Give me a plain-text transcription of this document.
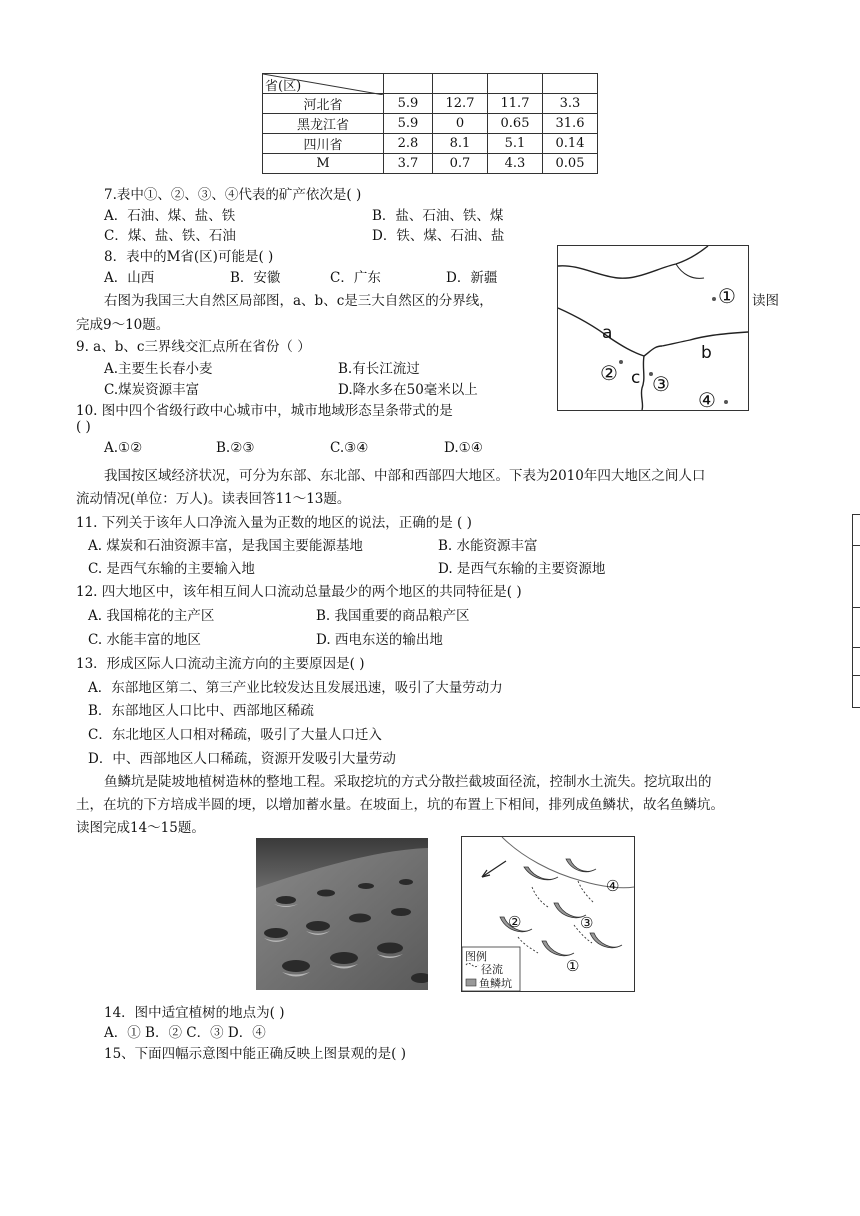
省(区)				

河北省	5.9	12.7	11.7	3.3
黑龙江省	5.9	0	0.65	31.6
四川省	2.8	8.1	5.1	0.14
M	3.7	0.7	4.3	0.05
7.表中①、②、③、④代表的矿产依次是( )
A．石油、煤、盐、铁	B．盐、石油、铁、煤
C．煤、盐、铁、石油	D．铁、煤、石油、盐
8．表中的M省(区)可能是( )
A．山西	B．安徽	C．广东	D．新疆
右图为我国三大自然区局部图，a、b、c是三大自然区的分界线，	读图
完成9～10题。	a
b
c
①
② ③
④
9. a、b、c三界线交汇点所在省份（ ）
A.主要生长春小麦	B.有长江流过
C.煤炭资源丰富	D.降水多在50毫米以上
10. 图中四个省级行政中心城市中，城市地域形态呈条带式的是
( )
A.①②	B.②③	C.③④	D.①④
我国按区域经济状况，可分为东部、东北部、中部和西部四大地区。下表为2010年四大地区之间人口
流动情况(单位：万人)。读表回答11～13题。
11. 下列关于该年人口净流入量为正数的地区的说法，正确的是 ( )
A. 煤炭和石油资源丰富，是我国主要能源基地	B. 水能资源丰富
C. 是西气东输的主要输入地	D. 是西气东输的主要资源地
12. 四大地区中，该年相互间人口流动总量最少的两个地区的共同特征是( )
A. 我国棉花的主产区	B. 我国重要的商品粮产区
C. 水能丰富的地区	D. 西电东送的输出地
13．形成区际人口流动主流方向的主要原因是( )
A．东部地区第二、第三产业比较发达且发展迅速，吸引了大量劳动力
B．东部地区人口比中、西部地区稀疏
C．东北地区人口相对稀疏，吸引了大量人口迁入
D．中、西部地区人口稀疏，资源开发吸引大量劳动
鱼鳞坑是陡坡地植树造林的整地工程。采取挖坑的方式分散拦截坡面径流，控制水土流失。挖坑取出的
土，在坑的下方培成半圆的埂，以增加蓄水量。在坡面上，坑的布置上下相间，排列成鱼鳞状，故名鱼鳞坑。
读图完成14～15题。
图例
径流
鱼鳞坑
①
②	③
④
14．图中适宜植树的地点为( )
A．① B．② C．③ D．④
15、下面四幅示意图中能正确反映上图景观的是( )
